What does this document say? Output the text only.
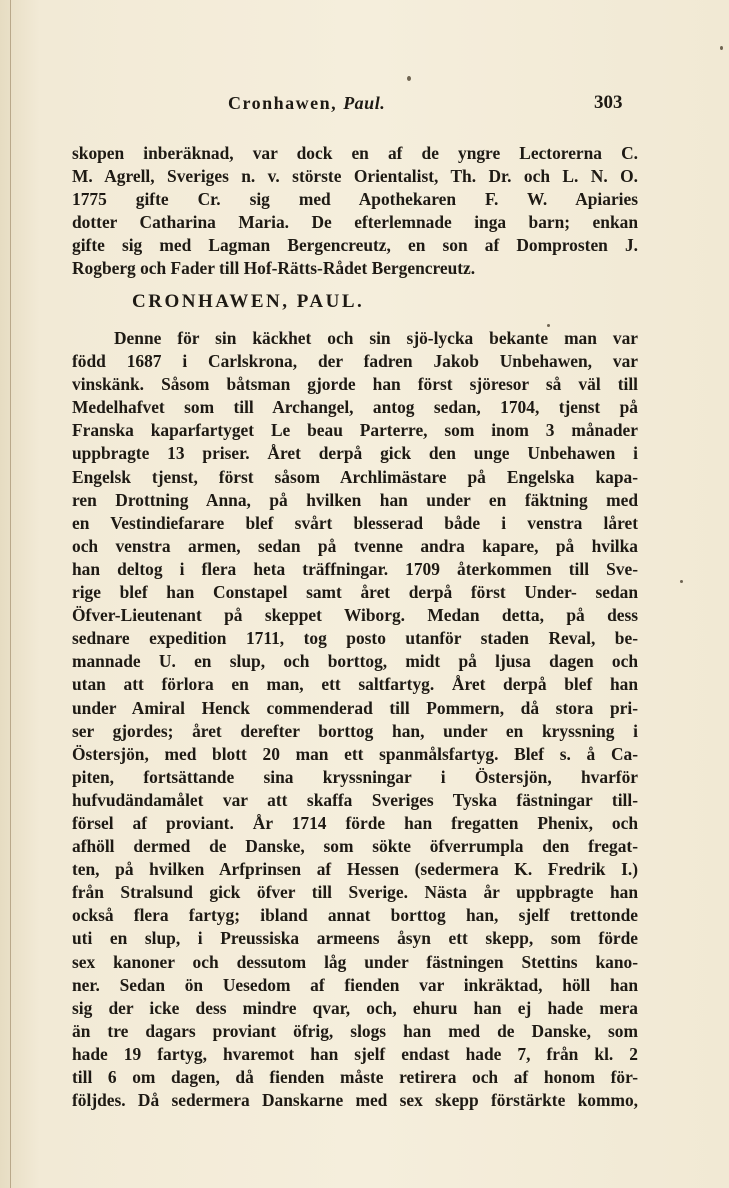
Cronhawen, Paul.	303
skopen inberäknad, var dock en af de yngre Lectorerna C.
M. Agrell, Sveriges n. v. störste Orientalist, Th. Dr. och L. N. O.
1775 gifte Cr. sig med Apothekaren F. W. Apiaries
dotter Catharina Maria. De efterlemnade inga barn; enkan
gifte sig med Lagman Bergencreutz, en son af Domprosten J.
Rogberg och Fader till Hof-Rätts-Rådet Bergencreutz.
CRONHAWEN, PAUL.
Denne för sin käckhet och sin sjö-lycka bekante man var
född 1687 i Carlskrona, der fadren Jakob Unbehawen, var
vinskänk. Såsom båtsman gjorde han först sjöresor så väl till
Medelhafvet som till Archangel, antog sedan, 1704, tjenst på
Franska kaparfartyget Le beau Parterre, som inom 3 månader
uppbragte 13 priser. Året derpå gick den unge Unbehawen i
Engelsk tjenst, först såsom Archlimästare på Engelska kapa-
ren Drottning Anna, på hvilken han under en fäktning med
en Vestindiefarare blef svårt blesserad både i venstra låret
och venstra armen, sedan på tvenne andra kapare, på hvilka
han deltog i flera heta träffningar. 1709 återkommen till Sve-
rige blef han Constapel samt året derpå först Under- sedan
Öfver-Lieutenant på skeppet Wiborg. Medan detta, på dess
sednare expedition 1711, tog posto utanför staden Reval, be-
mannade U. en slup, och borttog, midt på ljusa dagen och
utan att förlora en man, ett saltfartyg. Året derpå blef han
under Amiral Henck commenderad till Pommern, då stora pri-
ser gjordes; året derefter borttog han, under en kryssning i
Östersjön, med blott 20 man ett spanmålsfartyg. Blef s. å Ca-
piten, fortsättande sina kryssningar i Östersjön, hvarför
hufvudändamålet var att skaffa Sveriges Tyska fästningar till-
försel af proviant. År 1714 förde han fregatten Phenix, och
afhöll dermed de Danske, som sökte öfverrumpla den fregat-
ten, på hvilken Arfprinsen af Hessen (sedermera K. Fredrik I.)
från Stralsund gick öfver till Sverige. Nästa år uppbragte han
också flera fartyg; ibland annat borttog han, sjelf trettonde
uti en slup, i Preussiska armeens åsyn ett skepp, som förde
sex kanoner och dessutom låg under fästningen Stettins kano-
ner. Sedan ön Uesedom af fienden var inkräktad, höll han
sig der icke dess mindre qvar, och, ehuru han ej hade mera
än tre dagars proviant öfrig, slogs han med de Danske, som
hade 19 fartyg, hvaremot han sjelf endast hade 7, från kl. 2
till 6 om dagen, då fienden måste retirera och af honom för-
följdes. Då sedermera Danskarne med sex skepp förstärkte kommo,
